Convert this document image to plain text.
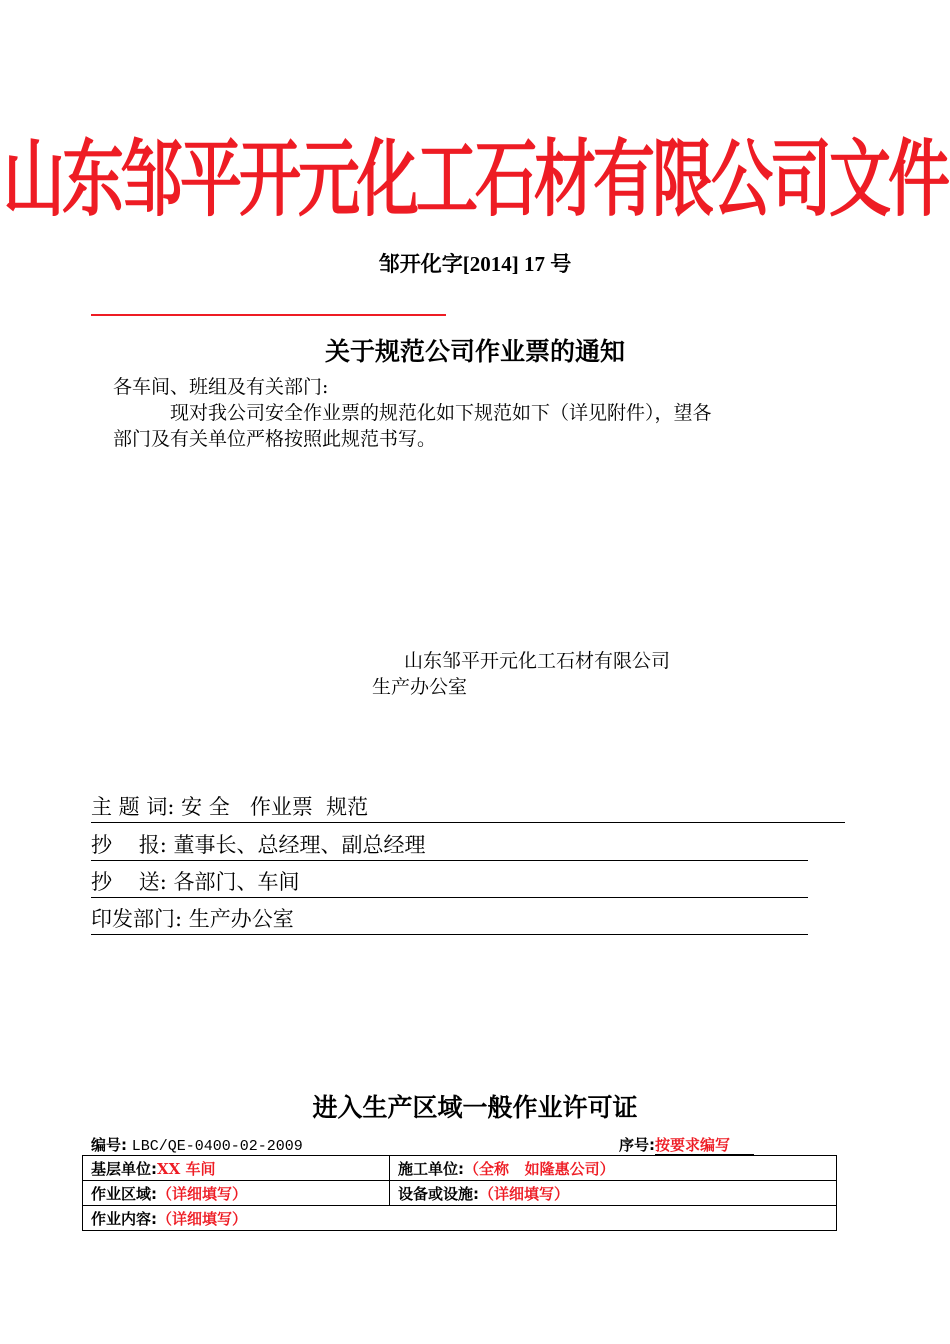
山东邹平开元化工石材有限公司文件
邹开化字[2014] 17 号
关于规范公司作业票的通知
各车间、班组及有关部门:
现对我公司安全作业票的规范化如下规范如下（详见附件），望各
部门及有关单位严格按照此规范书写。
山东邹平开元化工石材有限公司
生产办公室
主 题 词: 安 全   作业票  规范
抄    报: 董事长、总经理、副总经理
抄    送: 各部门、车间
印发部门: 生产办公室
进入生产区域一般作业许可证
编号: LBC/QE-0400-02-2009	序号:按要求编写
基层单位:XX 车间	施工单位:（全称   如隆惠公司）
作业区域:（详细填写）	设备或设施:（详细填写）
作业内容:（详细填写）	
